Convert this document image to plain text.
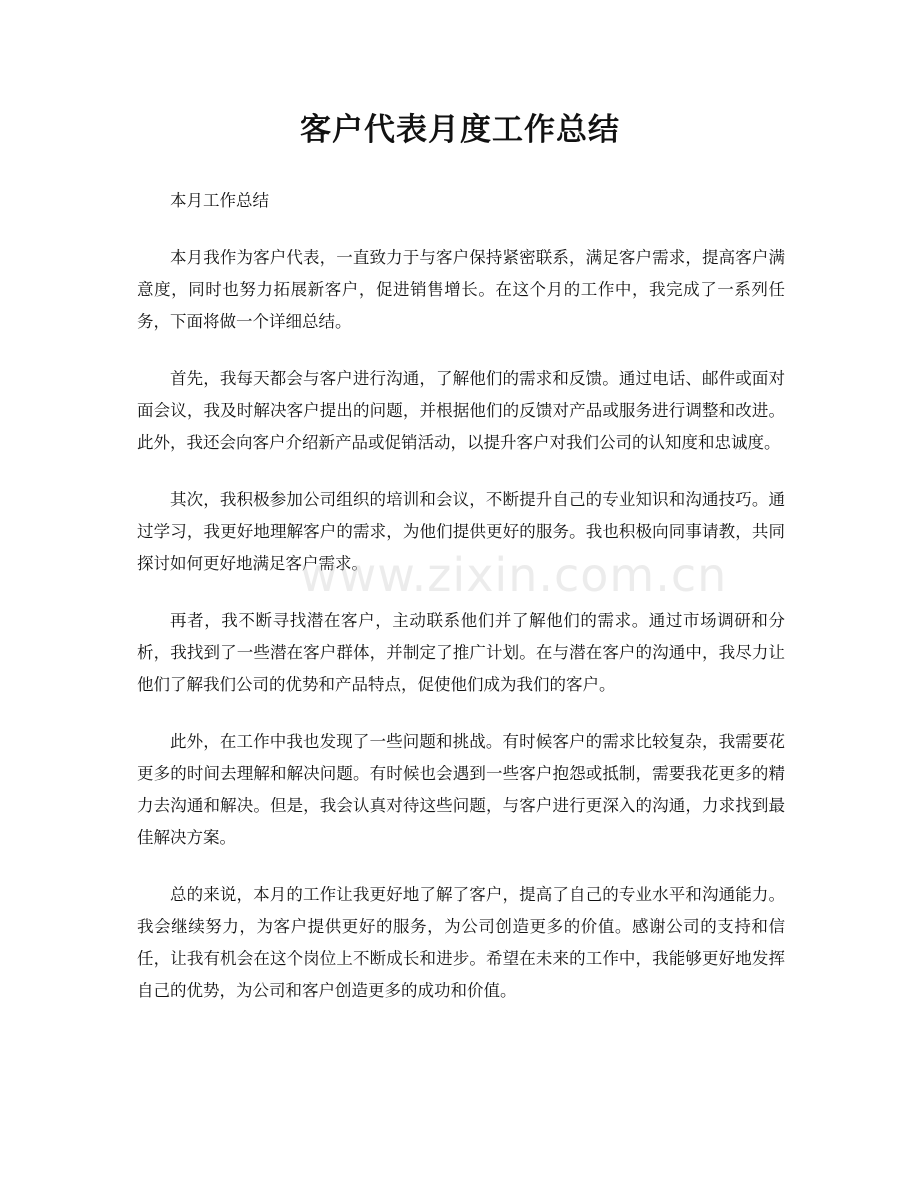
客户代表月度工作总结

本月工作总结

本月我作为客户代表，一直致力于与客户保持紧密联系，满足客户需求，提高客户满意度，同时也努力拓展新客户，促进销售增长。在这个月的工作中，我完成了一系列任务，下面将做一个详细总结。

首先，我每天都会与客户进行沟通，了解他们的需求和反馈。通过电话、邮件或面对面会议，我及时解决客户提出的问题，并根据他们的反馈对产品或服务进行调整和改进。此外，我还会向客户介绍新产品或促销活动，以提升客户对我们公司的认知度和忠诚度。

其次，我积极参加公司组织的培训和会议，不断提升自己的专业知识和沟通技巧。通过学习，我更好地理解客户的需求，为他们提供更好的服务。我也积极向同事请教，共同探讨如何更好地满足客户需求。

再者，我不断寻找潜在客户，主动联系他们并了解他们的需求。通过市场调研和分析，我找到了一些潜在客户群体，并制定了推广计划。在与潜在客户的沟通中，我尽力让他们了解我们公司的优势和产品特点，促使他们成为我们的客户。

此外，在工作中我也发现了一些问题和挑战。有时候客户的需求比较复杂，我需要花更多的时间去理解和解决问题。有时候也会遇到一些客户抱怨或抵制，需要我花更多的精力去沟通和解决。但是，我会认真对待这些问题，与客户进行更深入的沟通，力求找到最佳解决方案。

总的来说，本月的工作让我更好地了解了客户，提高了自己的专业水平和沟通能力。我会继续努力，为客户提供更好的服务，为公司创造更多的价值。感谢公司的支持和信任，让我有机会在这个岗位上不断成长和进步。希望在未来的工作中，我能够更好地发挥自己的优势，为公司和客户创造更多的成功和价值。

www.zixin.com.cn
